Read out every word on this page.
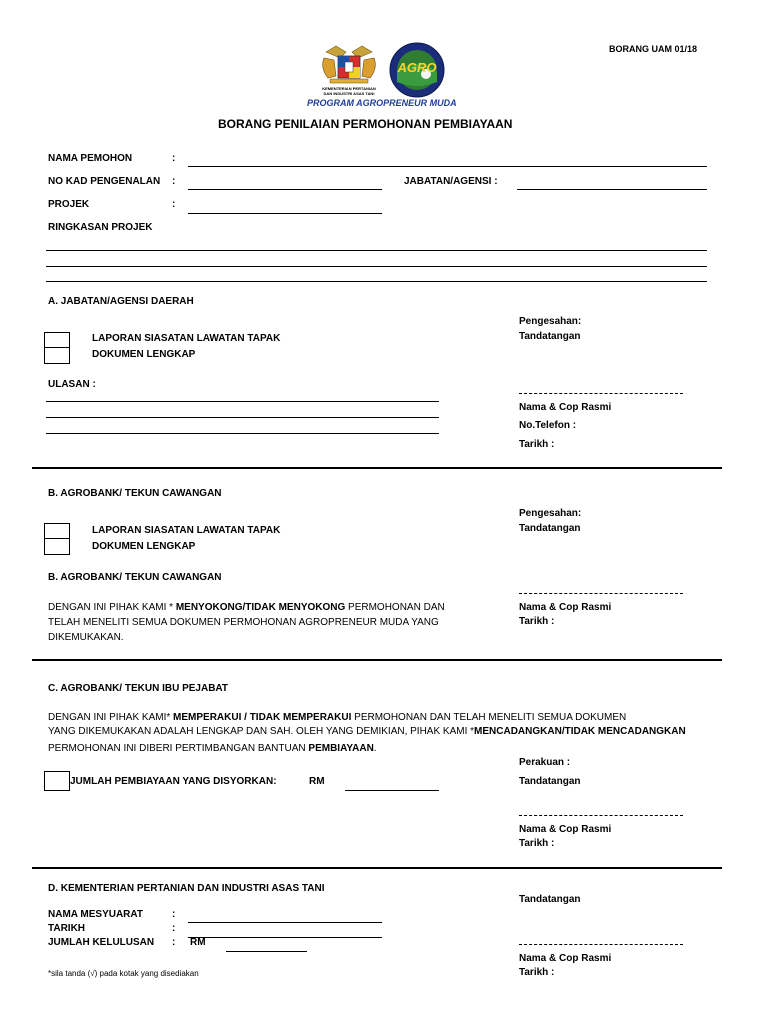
BORANG UAM 01/18
KEMENTERIAN PERTANIAN
DAN INDUSTRI ASAS TANI
AGRO
PROGRAM AGROPRENEUR MUDA
BORANG PENILAIAN PERMOHONAN PEMBIAYAAN
NAMA PEMOHON	:
NO KAD PENGENALAN :	JABATAN/AGENSI :
PROJEK	:
RINGKASAN PROJEK
A. JABATAN/AGENSI DAERAH
LAPORAN SIASATAN LAWATAN TAPAK
DOKUMEN LENGKAP
ULASAN :
Pengesahan:
Tandatangan
Nama & Cop Rasmi
No.Telefon :
Tarikh :
B. AGROBANK/ TEKUN CAWANGAN
LAPORAN SIASATAN LAWATAN TAPAK
DOKUMEN LENGKAP
B. AGROBANK/ TEKUN CAWANGAN
DENGAN INI PIHAK KAMI * MENYOKONG/TIDAK MENYOKONG PERMOHONAN DAN
TELAH MENELITI SEMUA DOKUMEN PERMOHONAN AGROPRENEUR MUDA YANG
DIKEMUKAKAN.
Pengesahan:
Tandatangan
Nama & Cop Rasmi
Tarikh :
C. AGROBANK/ TEKUN IBU PEJABAT
DENGAN INI PIHAK KAMI* MEMPERAKUI / TIDAK MEMPERAKUI PERMOHONAN DAN TELAH MENELITI SEMUA DOKUMEN
YANG DIKEMUKAKAN ADALAH LENGKAP DAN SAH. OLEH YANG DEMIKIAN, PIHAK KAMI *MENCADANGKAN/TIDAK MENCADANGKAN
PERMOHONAN INI DIBERI PERTIMBANGAN BANTUAN PEMBIAYAAN.
JUMLAH PEMBIAYAAN YANG DISYORKAN:	RM
Perakuan :
Tandatangan
Nama & Cop Rasmi
Tarikh :
D. KEMENTERIAN PERTANIAN DAN INDUSTRI ASAS TANI
NAMA MESYUARAT	:
TARIKH	:
JUMLAH KELULUSAN : RM
Tandatangan
Nama & Cop Rasmi
Tarikh :
*sila tanda (√) pada kotak yang disediakan
